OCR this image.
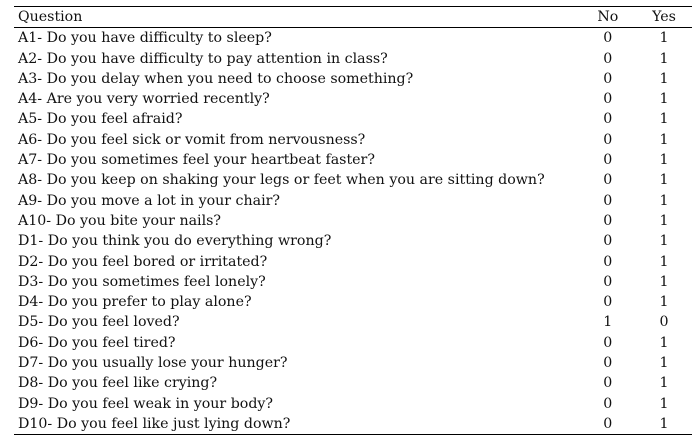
Question	No	Yes
A1- Do you have difficulty to sleep?	0	1
A2- Do you have difficulty to pay attention in class?	0	1
A3- Do you delay when you need to choose something?	0	1
A4- Are you very worried recently?	0	1
A5- Do you feel afraid?	0	1
A6- Do you feel sick or vomit from nervousness?	0	1
A7- Do you sometimes feel your heartbeat faster?	0	1
A8- Do you keep on shaking your legs or feet when you are sitting down?	0	1
A9- Do you move a lot in your chair?	0	1
A10- Do you bite your nails?	0	1
D1- Do you think you do everything wrong?	0	1
D2- Do you feel bored or irritated?	0	1
D3- Do you sometimes feel lonely?	0	1
D4- Do you prefer to play alone?	0	1
D5- Do you feel loved?	1	0
D6- Do you feel tired?	0	1
D7- Do you usually lose your hunger?	0	1
D8- Do you feel like crying?	0	1
D9- Do you feel weak in your body?	0	1
D10- Do you feel like just lying down?	0	1
